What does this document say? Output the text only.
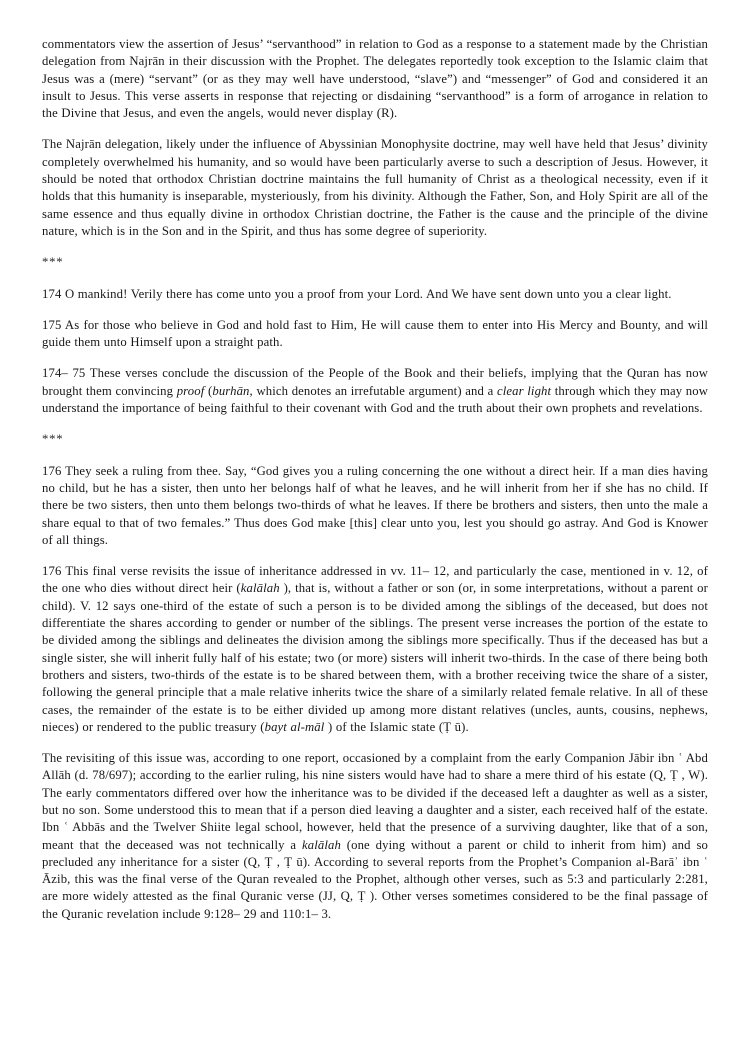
commentators view the assertion of Jesus’ “servanthood” in relation to God as a response to a statement made by the Christian delegation from Najrān in their discussion with the Prophet. The delegates reportedly took exception to the Islamic claim that Jesus was a (mere) “servant” (or as they may well have understood, “slave”) and “messenger” of God and considered it an insult to Jesus. This verse asserts in response that rejecting or disdaining “servanthood” is a form of arrogance in relation to the Divine that Jesus, and even the angels, would never display (R).

The Najrān delegation, likely under the influence of Abyssinian Monophysite doctrine, may well have held that Jesus’ divinity completely overwhelmed his humanity, and so would have been particularly averse to such a description of Jesus. However, it should be noted that orthodox Christian doctrine maintains the full humanity of Christ as a theological necessity, even if it holds that this humanity is inseparable, mysteriously, from his divinity. Although the Father, Son, and Holy Spirit are all of the same essence and thus equally divine in orthodox Christian doctrine, the Father is the cause and the principle of the divine nature, which is in the Son and in the Spirit, and thus has some degree of superiority.

***

174 O mankind! Verily there has come unto you a proof from your Lord. And We have sent down unto you a clear light.

175 As for those who believe in God and hold fast to Him, He will cause them to enter into His Mercy and Bounty, and will guide them unto Himself upon a straight path.

174– 75 These verses conclude the discussion of the People of the Book and their beliefs, implying that the Quran has now brought them convincing proof (burhān, which denotes an irrefutable argument) and a clear light through which they may now understand the importance of being faithful to their covenant with God and the truth about their own prophets and revelations.

***

176 They seek a ruling from thee. Say, “God gives you a ruling concerning the one without a direct heir. If a man dies having no child, but he has a sister, then unto her belongs half of what he leaves, and he will inherit from her if she has no child. If there be two sisters, then unto them belongs two-thirds of what he leaves. If there be brothers and sisters, then unto the male a share equal to that of two females.” Thus does God make [this] clear unto you, lest you should go astray. And God is Knower of all things.

176 This final verse revisits the issue of inheritance addressed in vv. 11– 12, and particularly the case, mentioned in v. 12, of the one who dies without direct heir (kalālah ), that is, without a father or son (or, in some interpretations, without a parent or child). V. 12 says one-third of the estate of such a person is to be divided among the siblings of the deceased, but does not differentiate the shares according to gender or number of the siblings. The present verse increases the portion of the estate to be divided among the siblings and delineates the division among the siblings more specifically. Thus if the deceased has but a single sister, she will inherit fully half of his estate; two (or more) sisters will inherit two-thirds. In the case of there being both brothers and sisters, two-thirds of the estate is to be shared between them, with a brother receiving twice the share of a sister, following the general principle that a male relative inherits twice the share of a similarly related female relative. In all of these cases, the remainder of the estate is to be either divided up among more distant relatives (uncles, aunts, cousins, nephews, nieces) or rendered to the public treasury (bayt al-māl ) of the Islamic state (Ṭ ū).

The revisiting of this issue was, according to one report, occasioned by a complaint from the early Companion Jābir ibn ʿ Abd Allāh (d. 78/697); according to the earlier ruling, his nine sisters would have had to share a mere third of his estate (Q, Ṭ , W). The early commentators differed over how the inheritance was to be divided if the deceased left a daughter as well as a sister, but no son. Some understood this to mean that if a person died leaving a daughter and a sister, each received half of the estate. Ibn ʿ Abbās and the Twelver Shiite legal school, however, held that the presence of a surviving daughter, like that of a son, meant that the deceased was not technically a kalālah (one dying without a parent or child to inherit from him) and so precluded any inheritance for a sister (Q, Ṭ , Ṭ ū). According to several reports from the Prophet’s Companion al-Barāʾ ibn ʿ Āzib, this was the final verse of the Quran revealed to the Prophet, although other verses, such as 5:3 and particularly 2:281, are more widely attested as the final Quranic verse (JJ, Q, Ṭ ). Other verses sometimes considered to be the final passage of the Quranic revelation include 9:128– 29 and 110:1– 3.
